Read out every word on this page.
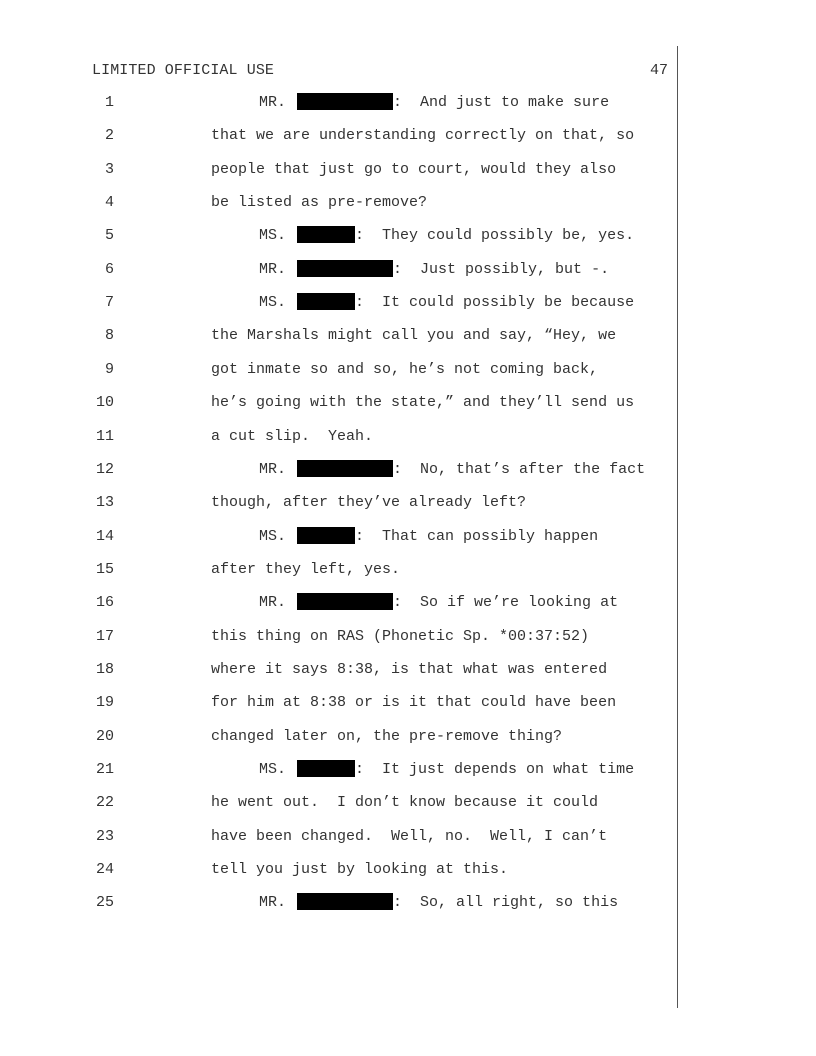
LIMITED OFFICIAL USE	47
1	MR.	:  And just to make sure
2	that we are understanding correctly on that, so
3	people that just go to court, would they also
4	be listed as pre-remove?
5	MS.	:  They could possibly be, yes.
6	MR.	:  Just possibly, but -.
7	MS.	:  It could possibly be because
8	the Marshals might call you and say, “Hey, we
9	got inmate so and so, he’s not coming back,
10	he’s going with the state,” and they’ll send us
11	a cut slip.  Yeah.
12	MR.	:  No, that’s after the fact
13	though, after they’ve already left?
14	MS.	:  That can possibly happen
15	after they left, yes.
16	MR.	:  So if we’re looking at
17	this thing on RAS (Phonetic Sp. *00:37:52)
18	where it says 8:38, is that what was entered
19	for him at 8:38 or is it that could have been
20	changed later on, the pre-remove thing?
21	MS.	:  It just depends on what time
22	he went out.  I don’t know because it could
23	have been changed.  Well, no.  Well, I can’t
24	tell you just by looking at this.
25	MR.	:  So, all right, so this
